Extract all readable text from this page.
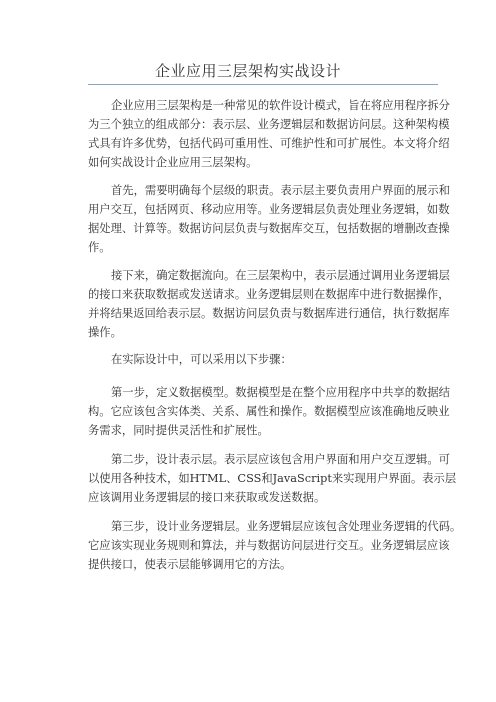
企业应用三层架构实战设计
企业应用三层架构是一种常见的软件设计模式，旨在将应用程序拆分
为三个独立的组成部分：表示层、业务逻辑层和数据访问层。这种架构模
式具有许多优势，包括代码可重用性、可维护性和可扩展性。本文将介绍
如何实战设计企业应用三层架构。
首先，需要明确每个层级的职责。表示层主要负责用户界面的展示和
用户交互，包括网页、移动应用等。业务逻辑层负责处理业务逻辑，如数
据处理、计算等。数据访问层负责与数据库交互，包括数据的增删改查操
作。
接下来，确定数据流向。在三层架构中，表示层通过调用业务逻辑层
的接口来获取数据或发送请求。业务逻辑层则在数据库中进行数据操作，
并将结果返回给表示层。数据访问层负责与数据库进行通信，执行数据库
操作。
在实际设计中，可以采用以下步骤：
第一步，定义数据模型。数据模型是在整个应用程序中共享的数据结
构。它应该包含实体类、关系、属性和操作。数据模型应该准确地反映业
务需求，同时提供灵活性和扩展性。
第二步，设计表示层。表示层应该包含用户界面和用户交互逻辑。可
以使用各种技术，如HTML、CSS和JavaScript来实现用户界面。表示层
应该调用业务逻辑层的接口来获取或发送数据。
第三步，设计业务逻辑层。业务逻辑层应该包含处理业务逻辑的代码。
它应该实现业务规则和算法，并与数据访问层进行交互。业务逻辑层应该
提供接口，使表示层能够调用它的方法。
